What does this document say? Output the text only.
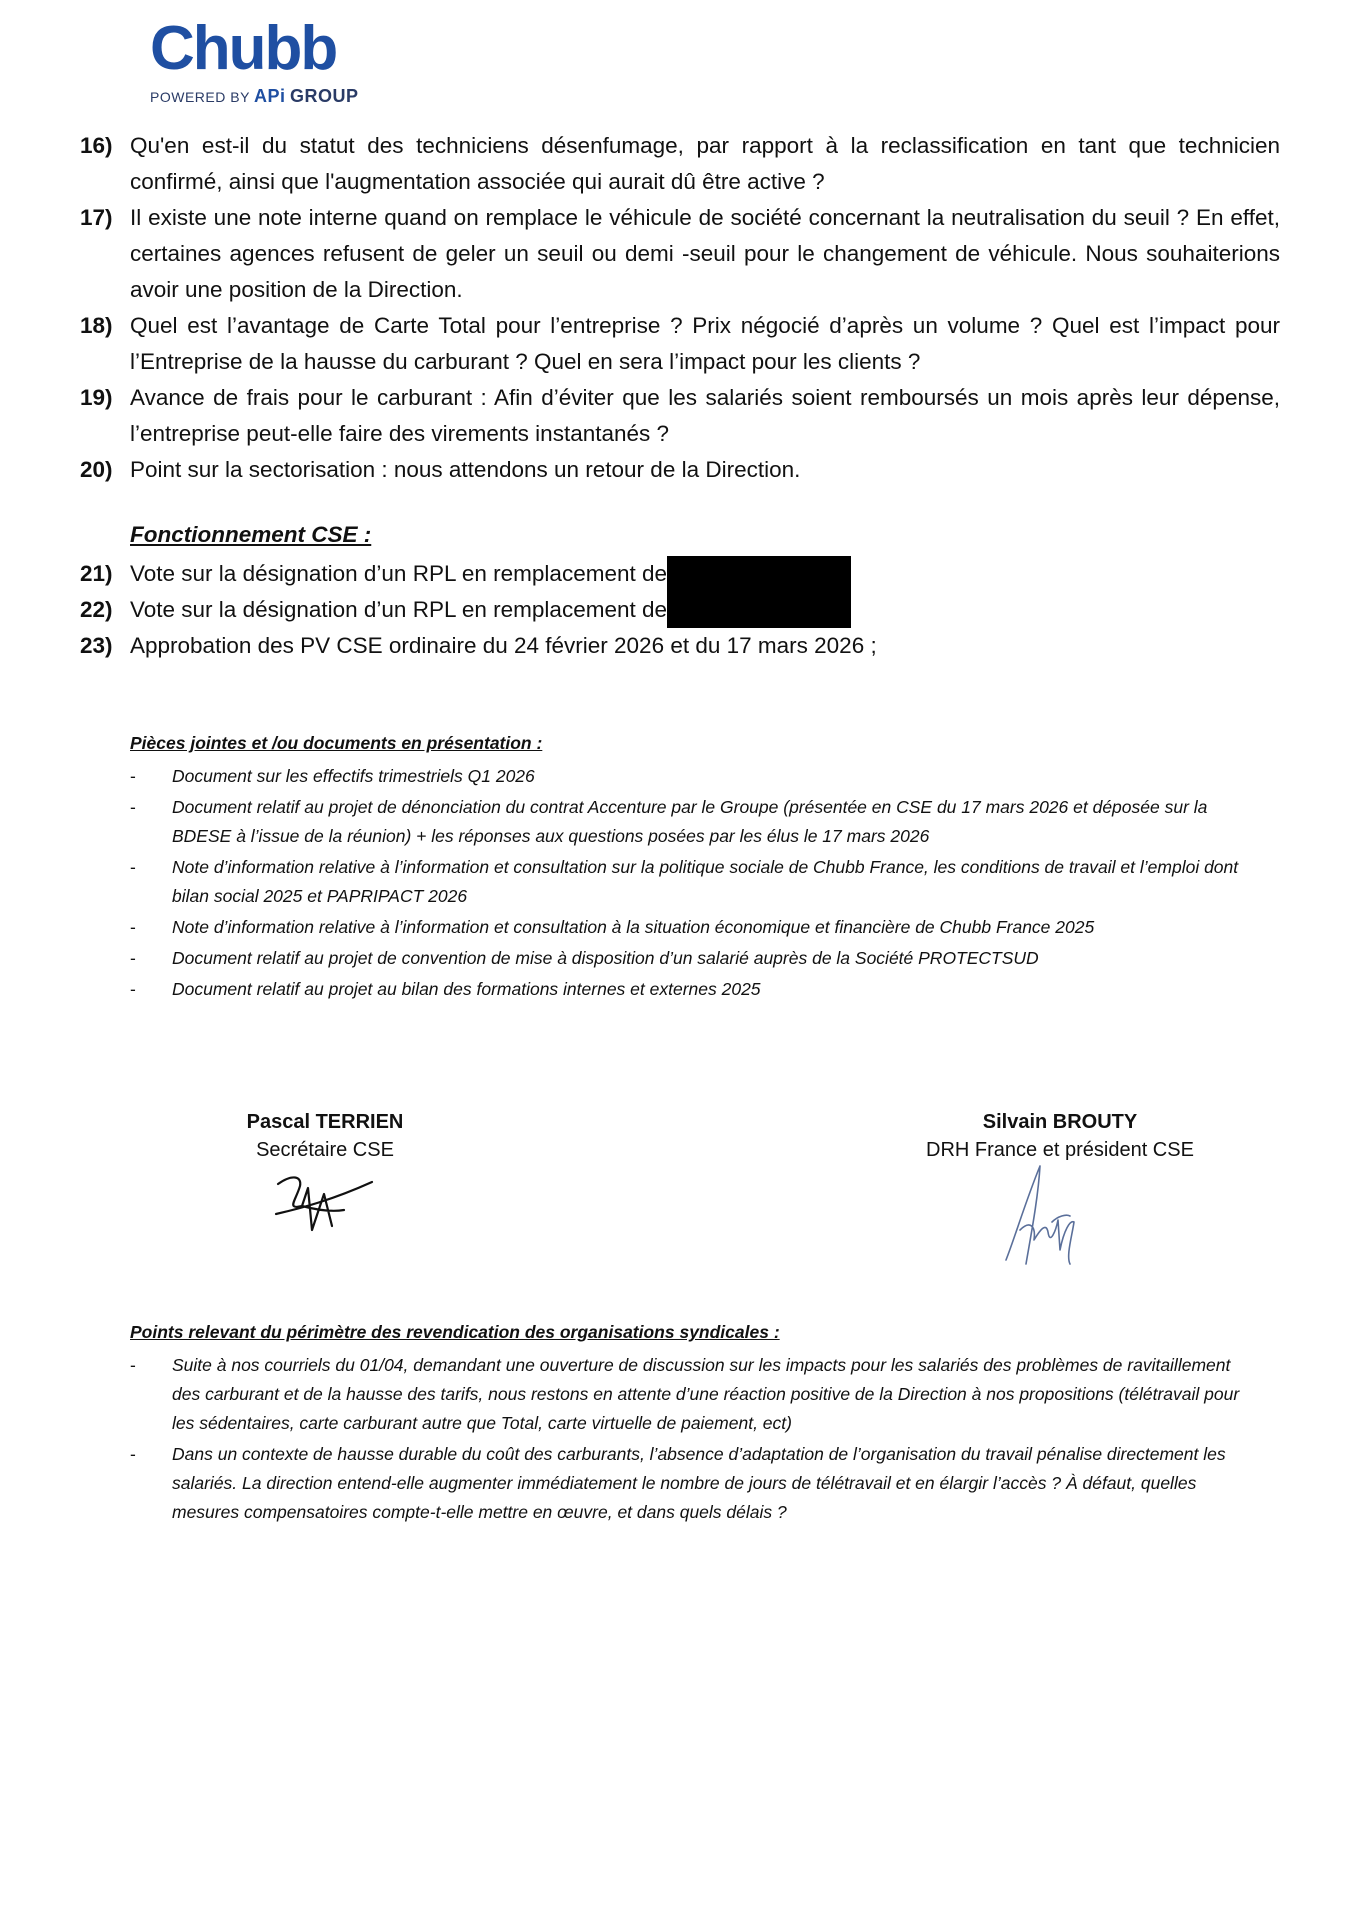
Chubb
POWERED BY APi GROUP
16) Qu'en est-il du statut des techniciens désenfumage, par rapport à la reclassification en tant que technicien confirmé, ainsi que l'augmentation associée qui aurait dû être active ?
17) Il existe une note interne quand on remplace le véhicule de société concernant la neutralisation du seuil ? En effet, certaines agences refusent de geler un seuil ou demi -seuil pour le changement de véhicule. Nous souhaiterions avoir une position de la Direction.
18) Quel est l’avantage de Carte Total pour l’entreprise ? Prix négocié d’après un volume ? Quel est l’impact pour l’Entreprise de la hausse du carburant ? Quel en sera l’impact pour les clients ?
19) Avance de frais pour le carburant : Afin d’éviter que les salariés soient remboursés un mois après leur dépense, l’entreprise peut-elle faire des virements instantanés ?
20) Point sur la sectorisation : nous attendons un retour de la Direction.
Fonctionnement CSE :
21) Vote sur la désignation d’un RPL en remplacement de
22) Vote sur la désignation d’un RPL en remplacement de
23) Approbation des PV CSE ordinaire du 24 février 2026 et du 17 mars 2026 ;
Pièces jointes et /ou documents en présentation :
- Document sur les effectifs trimestriels Q1 2026
- Document relatif au projet de dénonciation du contrat Accenture par le Groupe (présentée en CSE du 17 mars 2026 et déposée sur la BDESE à l’issue de la réunion) + les réponses aux questions posées par les élus le 17 mars 2026
- Note d’information relative à l’information et consultation sur la politique sociale de Chubb France, les conditions de travail et l’emploi dont bilan social 2025 et PAPRIPACT 2026
- Note d’information relative à l’information et consultation à la situation économique et financière de Chubb France 2025
- Document relatif au projet de convention de mise à disposition d’un salarié auprès de la Société PROTECTSUD
- Document relatif au projet au bilan des formations internes et externes 2025
Pascal TERRIEN
Secrétaire CSE
Silvain BROUTY
DRH France et président CSE
Points relevant du périmètre des revendication des organisations syndicales :
- Suite à nos courriels du 01/04, demandant une ouverture de discussion sur les impacts pour les salariés des problèmes de ravitaillement des carburant et de la hausse des tarifs, nous restons en attente d’une réaction positive de la Direction à nos propositions (télétravail pour les sédentaires, carte carburant autre que Total, carte virtuelle de paiement, ect)
- Dans un contexte de hausse durable du coût des carburants, l’absence d’adaptation de l’organisation du travail pénalise directement les salariés. La direction entend-elle augmenter immédiatement le nombre de jours de télétravail et en élargir l’accès ? À défaut, quelles mesures compensatoires compte-t-elle mettre en œuvre, et dans quels délais ?
